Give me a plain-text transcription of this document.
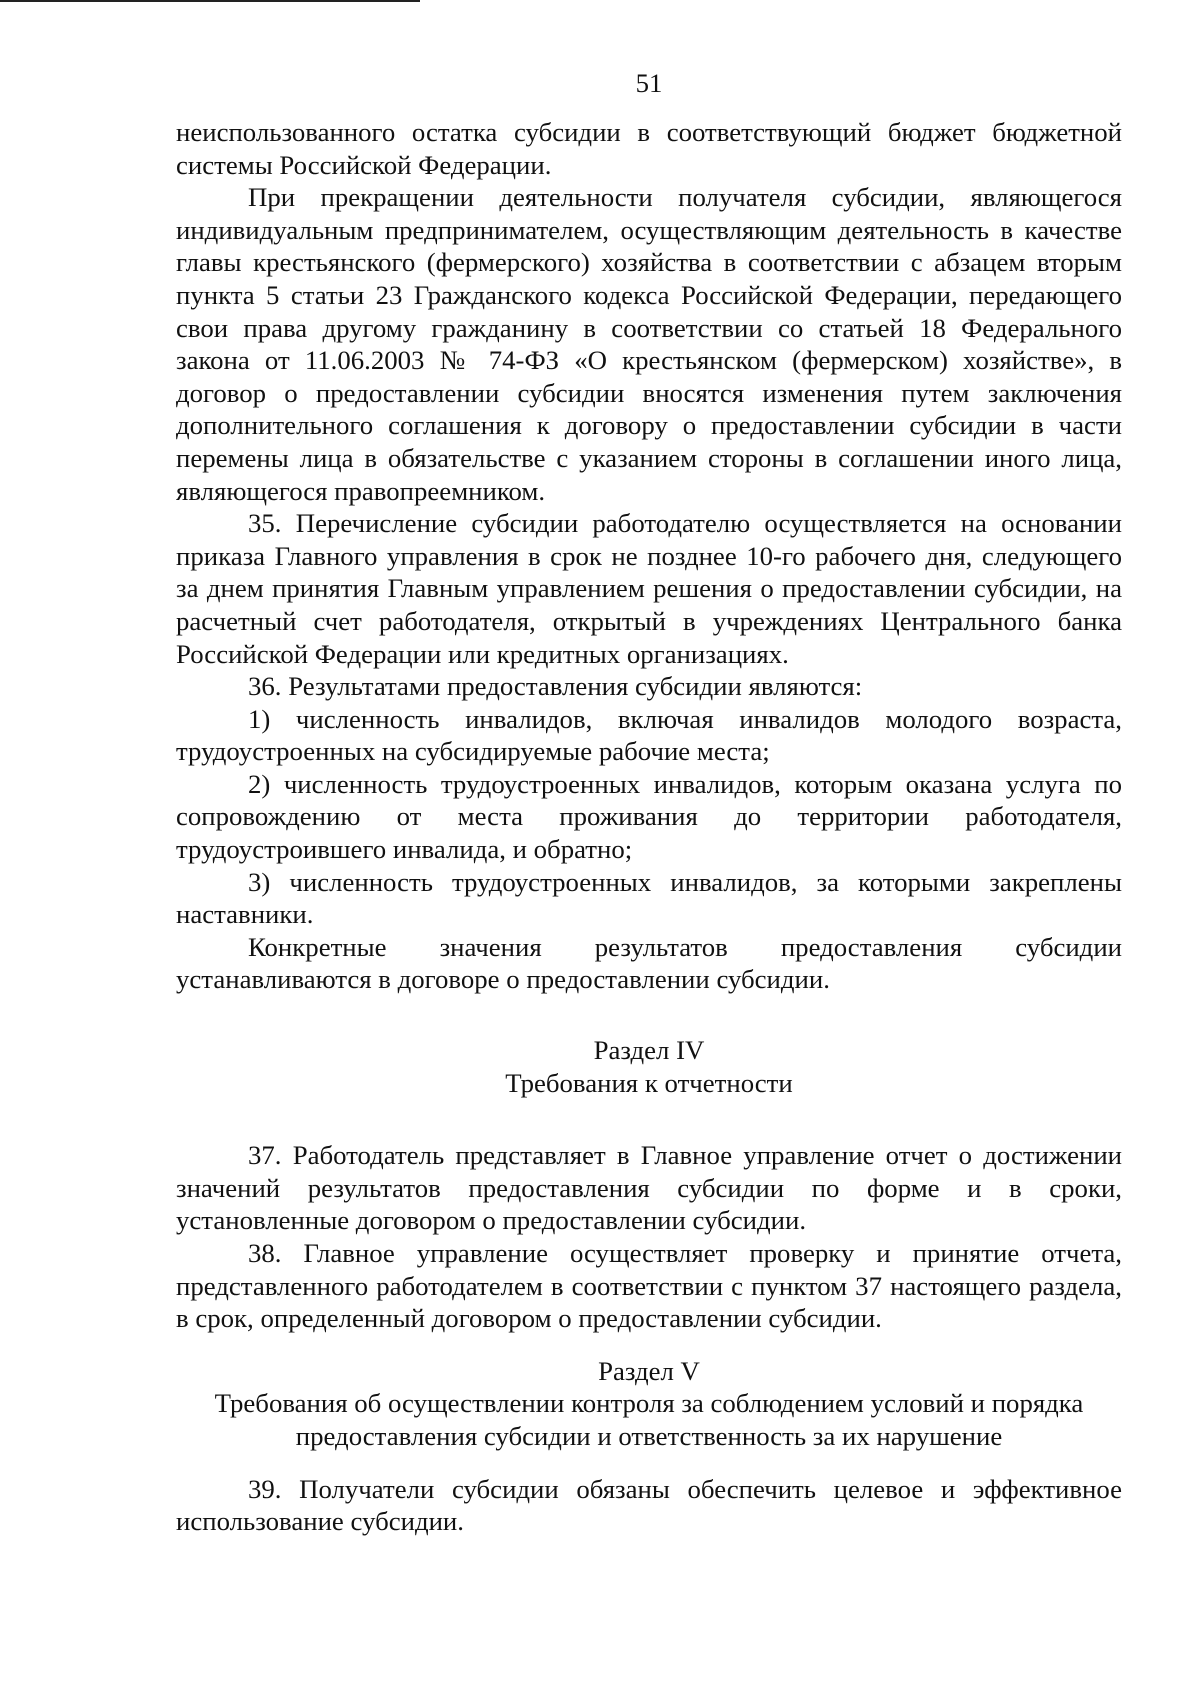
51

неиспользованного остатка субсидии в соответствующий бюджет бюджетной системы Российской Федерации.

При прекращении деятельности получателя субсидии, являющегося индивидуальным предпринимателем, осуществляющим деятельность в качестве главы крестьянского (фермерского) хозяйства в соответствии с абзацем вторым пункта 5 статьи 23 Гражданского кодекса Российской Федерации, передающего свои права другому гражданину в соответствии со статьей 18 Федерального закона от 11.06.2003 № 74-ФЗ «О крестьянском (фермерском) хозяйстве», в договор о предоставлении субсидии вносятся изменения путем заключения дополнительного соглашения к договору о предоставлении субсидии в части перемены лица в обязательстве с указанием стороны в соглашении иного лица, являющегося правопреемником.

35. Перечисление субсидии работодателю осуществляется на основании приказа Главного управления в срок не позднее 10-го рабочего дня, следующего за днем принятия Главным управлением решения о предоставлении субсидии, на расчетный счет работодателя, открытый в учреждениях Центрального банка Российской Федерации или кредитных организациях.

36. Результатами предоставления субсидии являются:

1) численность инвалидов, включая инвалидов молодого возраста, трудоустроенных на субсидируемые рабочие места;

2) численность трудоустроенных инвалидов, которым оказана услуга по сопровождению от места проживания до территории работодателя, трудоустроившего инвалида, и обратно;

3) численность трудоустроенных инвалидов, за которыми закреплены наставники.

Конкретные значения результатов предоставления субсидии устанавливаются в договоре о предоставлении субсидии.

Раздел IV
Требования к отчетности

37. Работодатель представляет в Главное управление отчет о достижении значений результатов предоставления субсидии по форме и в сроки, установленные договором о предоставлении субсидии.

38. Главное управление осуществляет проверку и принятие отчета, представленного работодателем в соответствии с пунктом 37 настоящего раздела, в срок, определенный договором о предоставлении субсидии.

Раздел V
Требования об осуществлении контроля за соблюдением условий и порядка
предоставления субсидии и ответственность за их нарушение

39. Получатели субсидии обязаны обеспечить целевое и эффективное использование субсидии.
